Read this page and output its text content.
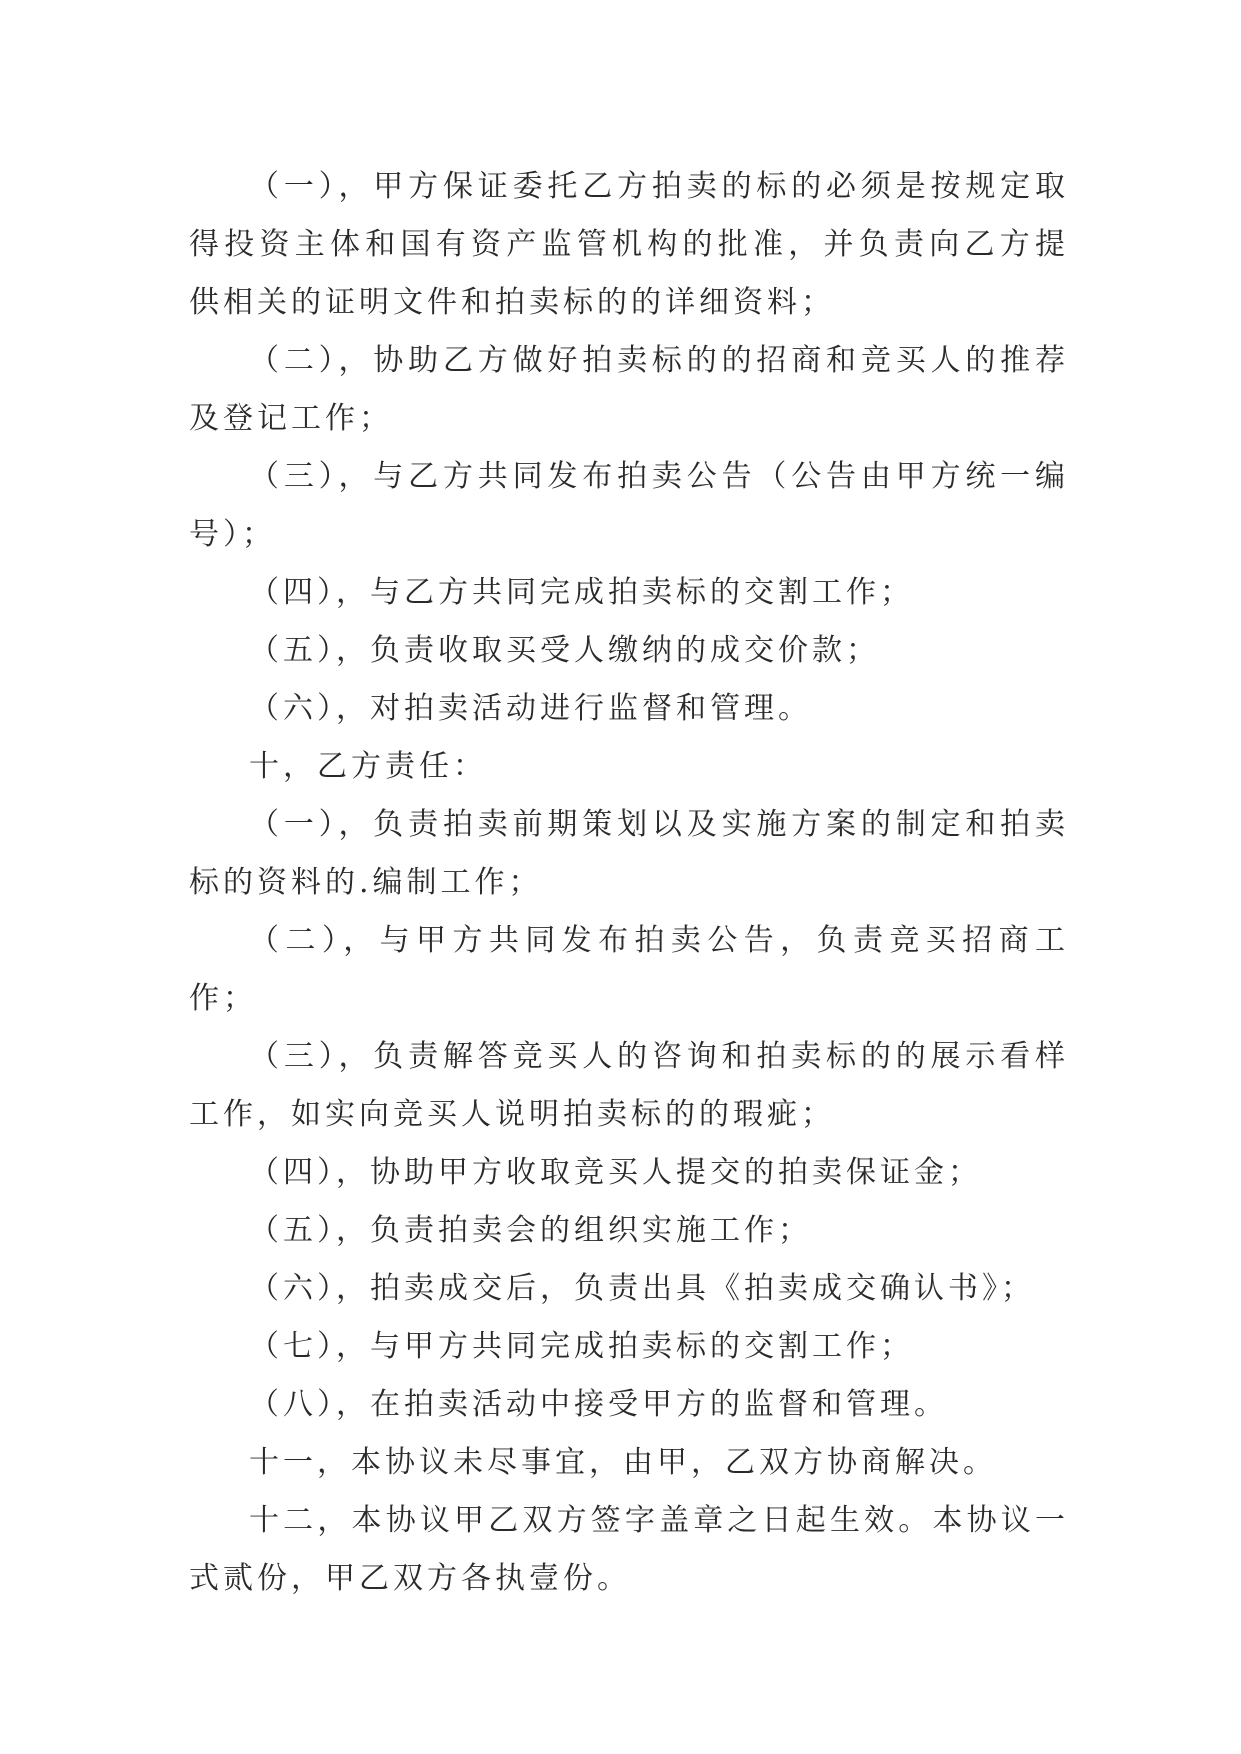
（一），甲方保证委托乙方拍卖的标的必须是按规定取得投资主体和国有资产监管机构的批准，并负责向乙方提供相关的证明文件和拍卖标的的详细资料；

（二），协助乙方做好拍卖标的的招商和竞买人的推荐及登记工作；

（三），与乙方共同发布拍卖公告（公告由甲方统一编号）；

（四），与乙方共同完成拍卖标的交割工作；

（五），负责收取买受人缴纳的成交价款；

（六），对拍卖活动进行监督和管理。

十，乙方责任：

（一），负责拍卖前期策划以及实施方案的制定和拍卖标的资料的.编制工作；

（二），与甲方共同发布拍卖公告，负责竞买招商工作；

（三），负责解答竞买人的咨询和拍卖标的的展示看样工作，如实向竞买人说明拍卖标的的瑕疵；

（四），协助甲方收取竞买人提交的拍卖保证金；

（五），负责拍卖会的组织实施工作；

（六），拍卖成交后，负责出具《拍卖成交确认书》；

（七），与甲方共同完成拍卖标的交割工作；

（八），在拍卖活动中接受甲方的监督和管理。

十一，本协议未尽事宜，由甲，乙双方协商解决。

十二，本协议甲乙双方签字盖章之日起生效。本协议一式贰份，甲乙双方各执壹份。
